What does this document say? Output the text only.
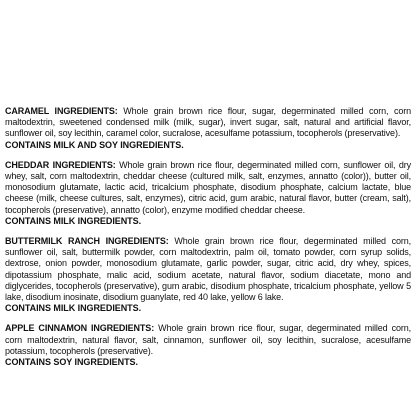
CARAMEL INGREDIENTS: Whole grain brown rice flour, sugar, degerminated milled corn, corn maltodextrin, sweetened condensed milk (milk, sugar), invert sugar, salt, natural and artificial flavor, sunflower oil, soy lecithin, caramel color, sucralose, acesulfame potassium, tocopherols (preservative).

CONTAINS MILK AND SOY INGREDIENTS.

CHEDDAR INGREDIENTS: Whole grain brown rice flour, degerminated milled corn, sunflower oil, dry whey, salt, corn maltodextrin, cheddar cheese (cultured milk, salt, enzymes, annatto (color)), butter oil, monosodium glutamate, lactic acid, tricalcium phosphate, disodium phosphate, calcium lactate, blue cheese (milk, cheese cultures, salt, enzymes), citric acid, gum arabic, natural flavor, butter (cream, salt), tocopherols (preservative), annatto (color), enzyme modified cheddar cheese.

CONTAINS MILK INGREDIENTS.

BUTTERMILK RANCH INGREDIENTS: Whole grain brown rice flour, degerminated milled corn, sunflower oil, salt, buttermilk powder, corn maltodextrin, palm oil, tomato powder, corn syrup solids, dextrose, onion powder, monosodium glutamate, garlic powder, sugar, citric acid, dry whey, spices, dipotassium phosphate, malic acid, sodium acetate, natural flavor, sodium diacetate, mono and diglycerides, tocopherols (preservative), gum arabic, disodium phosphate, tricalcium phosphate, yellow 5 lake, disodium inosinate, disodium guanylate, red 40 lake, yellow 6 lake.

CONTAINS MILK INGREDIENTS.

APPLE CINNAMON INGREDIENTS: Whole grain brown rice flour, sugar, degerminated milled corn, corn maltodextrin, natural flavor, salt, cinnamon, sunflower oil, soy lecithin, sucralose, acesulfame potassium, tocopherols (preservative).

CONTAINS SOY INGREDIENTS.
